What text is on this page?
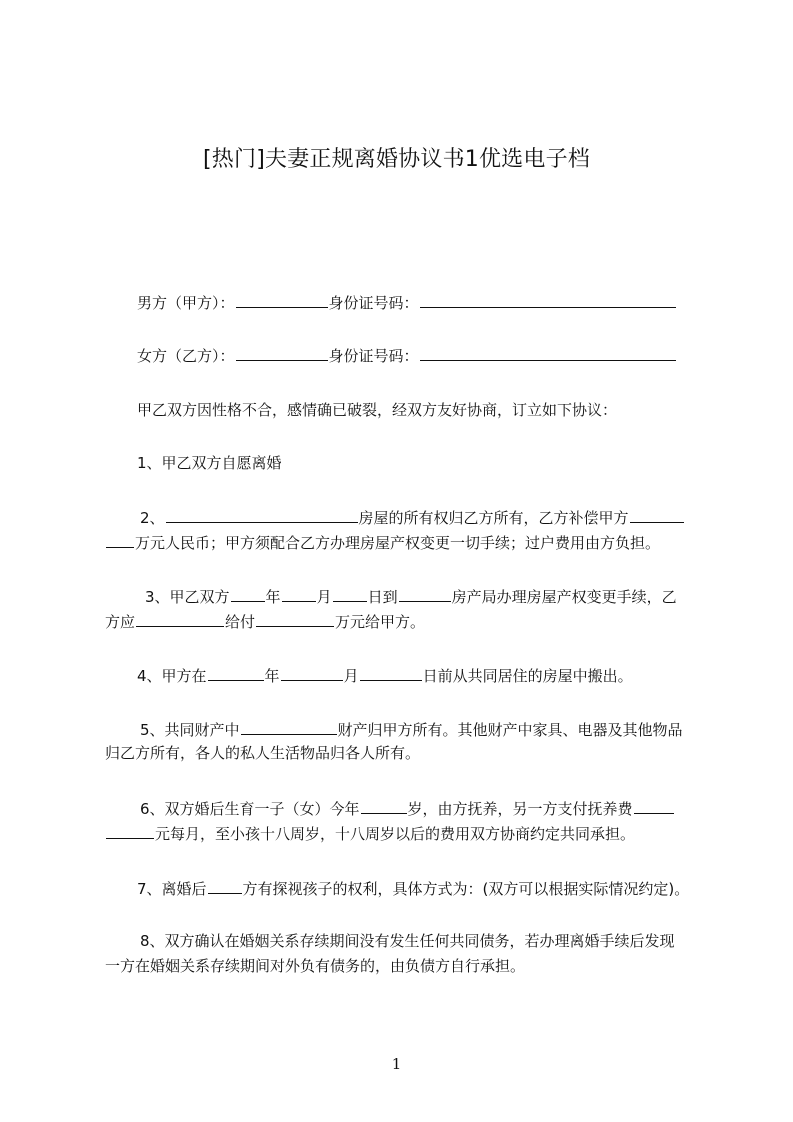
[热门]夫妻正规离婚协议书1优选电子档
男方（甲方）：	身份证号码：
女方（乙方）：	身份证号码：
甲乙双方因性格不合，感情确已破裂，经双方友好协商，订立如下协议：
1、甲乙双方自愿离婚
2、	房屋的所有权归乙方所有，乙方补偿甲方
万元人民币；甲方须配合乙方办理房屋产权变更一切手续；过户费用由方负担。
3、甲乙双方 年 月 日到	房产局办理房屋产权变更手续，乙
方应	给付	万元给甲方。
4、甲方在	年	月	日前从共同居住的房屋中搬出。
5、共同财产中	财产归甲方所有。其他财产中家具、电器及其他物品
归乙方所有，各人的私人生活物品归各人所有。
6、双方婚后生育一子（女）今年	岁，由方抚养，另一方支付抚养费
元每月，至小孩十八周岁，十八周岁以后的费用双方协商约定共同承担。
7、离婚后 方有探视孩子的权利，具体方式为：(双方可以根据实际情况约定)。
8、双方确认在婚姻关系存续期间没有发生任何共同债务，若办理离婚手续后发现
一方在婚姻关系存续期间对外负有债务的，由负债方自行承担。
1
